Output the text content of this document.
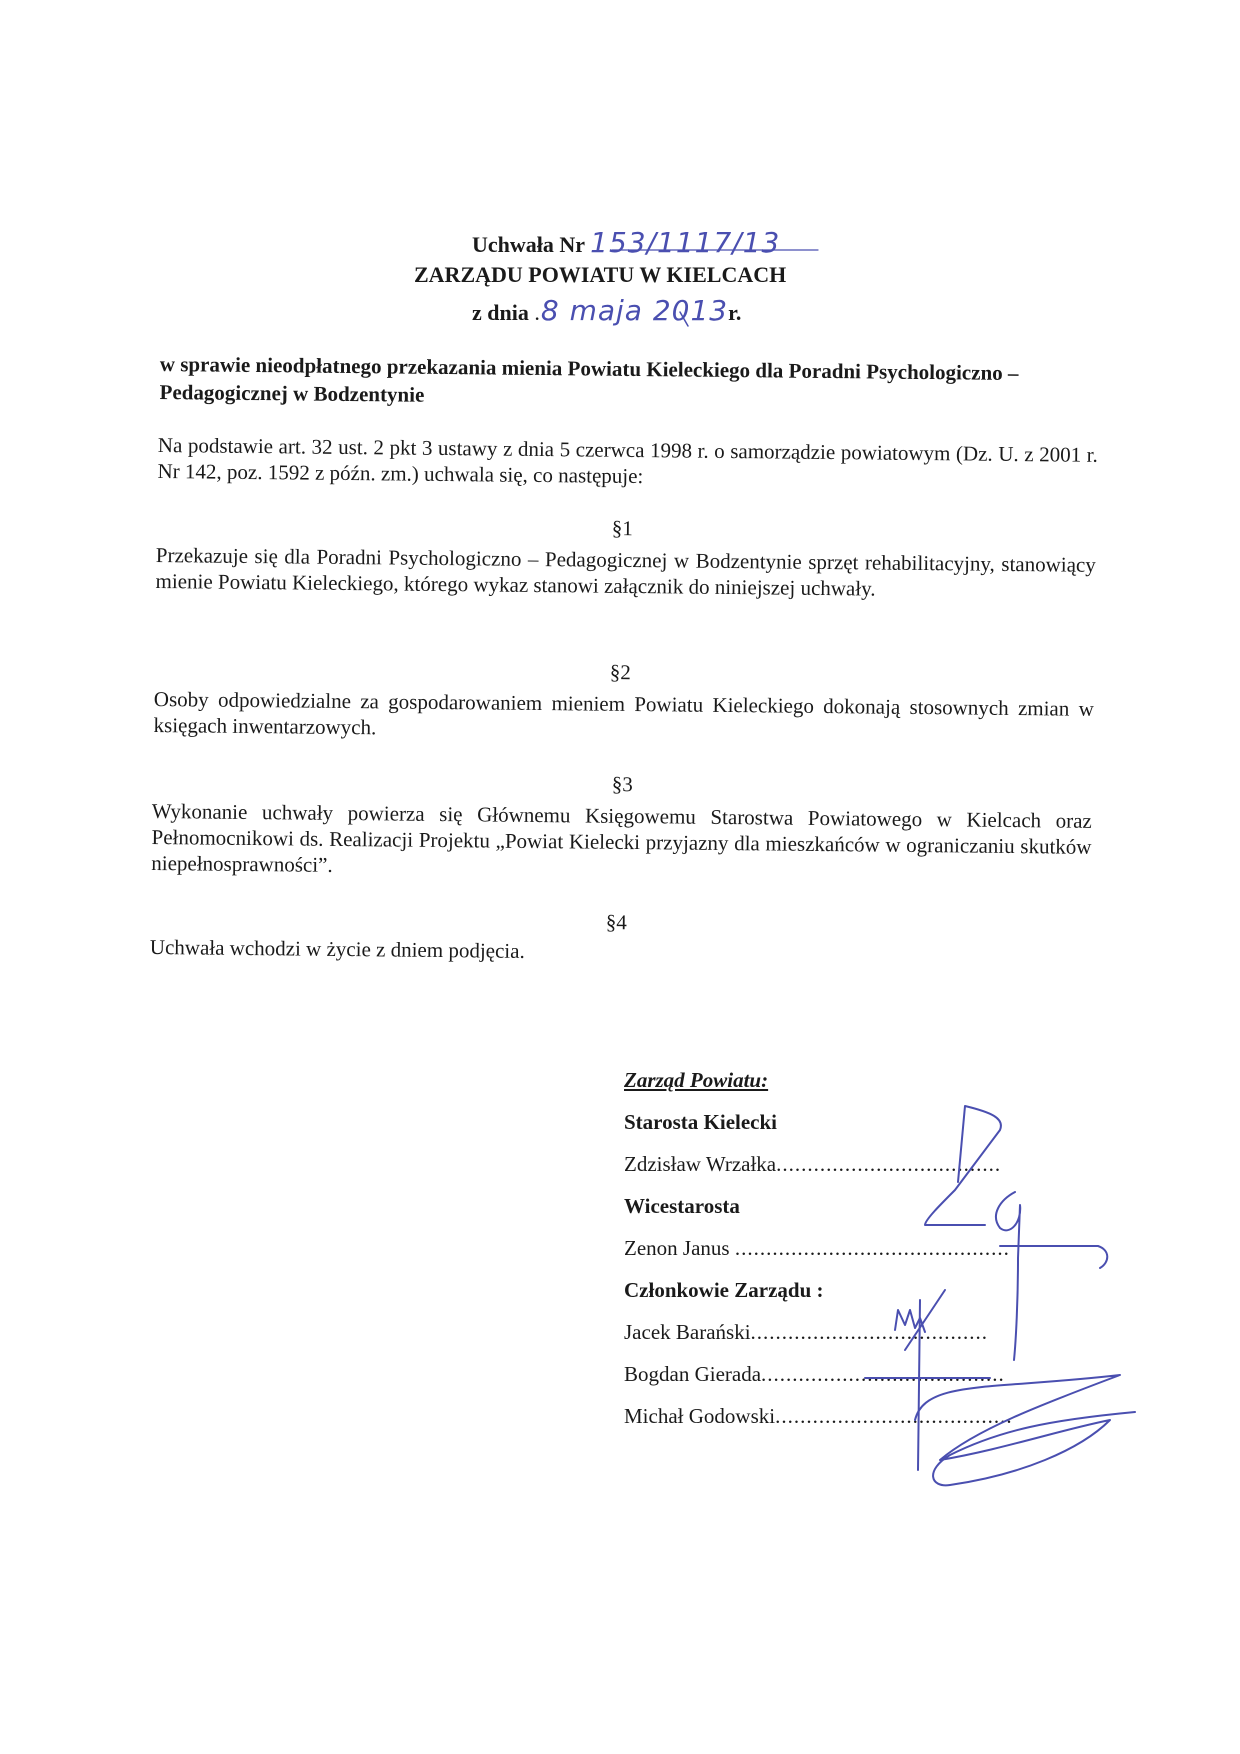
Uchwała Nr 153/1117/13
ZARZĄDU POWIATU W KIELCACH
z dnia .8 maja 2013r.
w sprawie nieodpłatnego przekazania mienia Powiatu Kieleckiego dla Poradni Psychologiczno – Pedagogicznej w Bodzentynie
Na podstawie art. 32 ust. 2 pkt 3 ustawy z dnia 5 czerwca 1998 r. o samorządzie powiatowym (Dz. U. z 2001 r. Nr 142, poz. 1592 z późn. zm.) uchwala się, co następuje:
§1
Przekazuje się dla Poradni Psychologiczno – Pedagogicznej w Bodzentynie sprzęt rehabilitacyjny, stanowiący mienie Powiatu Kieleckiego, którego wykaz stanowi załącznik do niniejszej uchwały.
§2
Osoby odpowiedzialne za gospodarowaniem mieniem Powiatu Kieleckiego dokonają stosownych zmian w księgach inwentarzowych.
§3
Wykonanie uchwały powierza się Głównemu Księgowemu Starostwa Powiatowego w Kielcach oraz Pełnomocnikowi ds. Realizacji Projektu „Powiat Kielecki przyjazny dla mieszkańców w ograniczaniu skutków niepełnosprawności”.
§4
Uchwała wchodzi w życie z dniem podjęcia.
Zarząd Powiatu:
Starosta Kielecki
Zdzisław Wrzałka....................................
Wicestarosta
Zenon Janus ............................................
Członkowie Zarządu :
Jacek Barański......................................
Bogdan Gierada.......................................
Michał Godowski......................................
